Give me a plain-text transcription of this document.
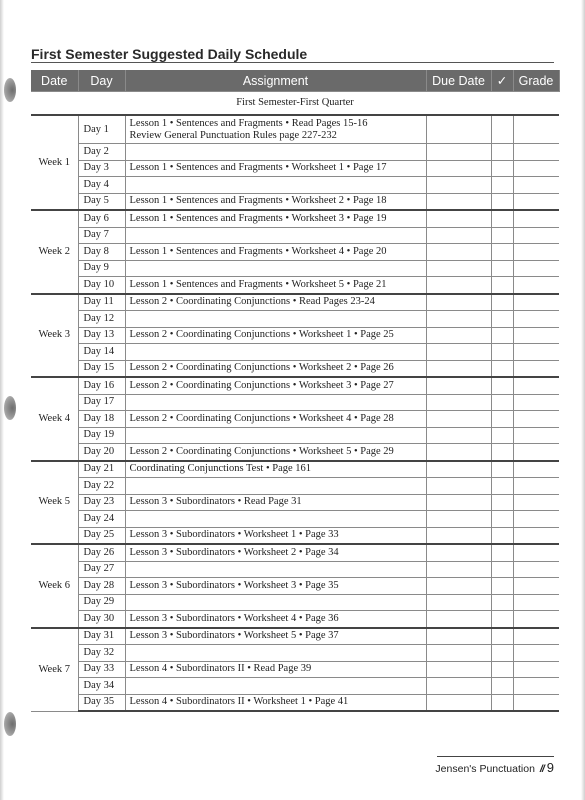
First Semester Suggested Daily Schedule
Date	Day	Assignment	Due Date	✓	Grade
First Semester-First Quarter					
Week 1	Day 1	Lesson 1 • Sentences and Fragments • Read Pages 15-16
Review General Punctuation Rules page 227-232			

	Day 2				
	Day 3	Lesson 1 • Sentences and Fragments • Worksheet 1 • Page 17			

	Day 4				
	Day 5	Lesson 1 • Sentences and Fragments • Worksheet 2 • Page 18			

Week 2	Day 6	Lesson 1 • Sentences and Fragments • Worksheet 3 • Page 19			

	Day 7				
	Day 8	Lesson 1 • Sentences and Fragments • Worksheet 4 • Page 20			

	Day 9				
	Day 10	Lesson 1 • Sentences and Fragments • Worksheet 5 • Page 21			

Week 3	Day 11	Lesson 2 • Coordinating Conjunctions • Read Pages 23-24			

	Day 12				
	Day 13	Lesson 2 • Coordinating Conjunctions • Worksheet 1 • Page 25			

	Day 14				
	Day 15	Lesson 2 • Coordinating Conjunctions • Worksheet 2 • Page 26			

Week 4	Day 16	Lesson 2 • Coordinating Conjunctions • Worksheet 3 • Page 27			

	Day 17				
	Day 18	Lesson 2 • Coordinating Conjunctions • Worksheet 4 • Page 28			

	Day 19				
	Day 20	Lesson 2 • Coordinating Conjunctions • Worksheet 5 • Page 29			

Week 5	Day 21	Coordinating Conjunctions Test • Page 161			

	Day 22				
	Day 23	Lesson 3 • Subordinators • Read Page 31			

	Day 24				
	Day 25	Lesson 3 • Subordinators • Worksheet 1 • Page 33			

Week 6	Day 26	Lesson 3 • Subordinators • Worksheet 2 • Page 34			

	Day 27				
	Day 28	Lesson 3 • Subordinators • Worksheet 3 • Page 35			

	Day 29				
	Day 30	Lesson 3 • Subordinators • Worksheet 4 • Page 36			

Week 7	Day 31	Lesson 3 • Subordinators • Worksheet 5 • Page 37			

	Day 32				
	Day 33	Lesson 4 • Subordinators II • Read Page 39			

	Day 34				
	Day 35	Lesson 4 • Subordinators II • Worksheet 1 • Page 41			

Jensen's Punctuation // 9
